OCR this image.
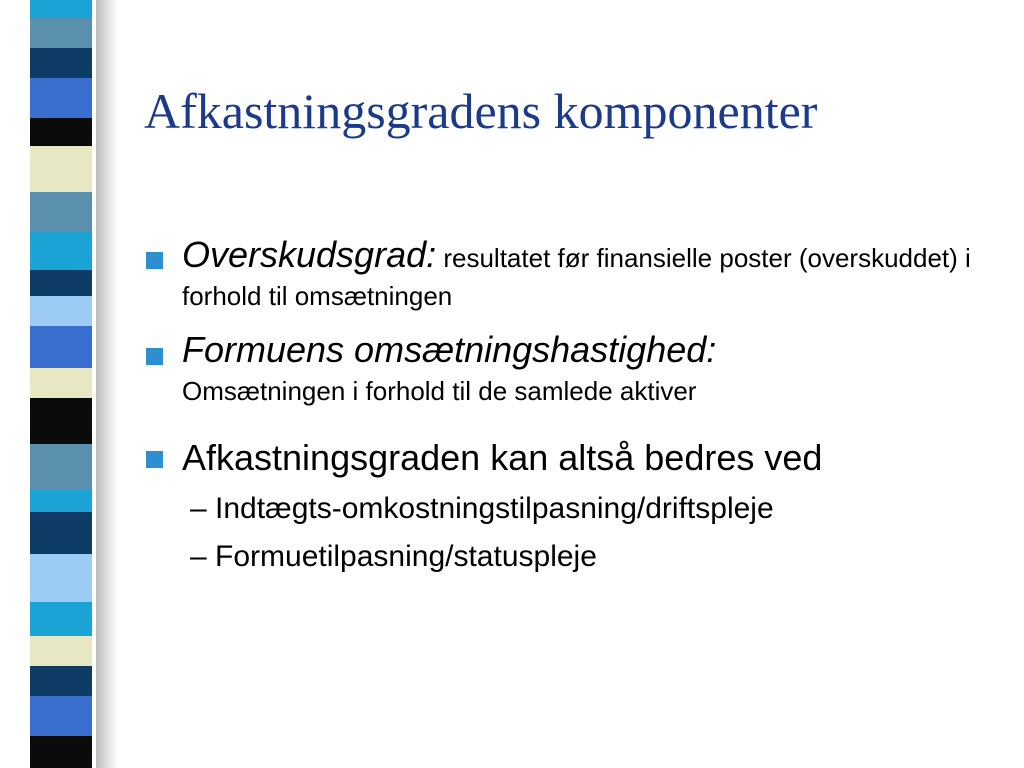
Afkastningsgradens komponenter
Overskudsgrad: resultatet før finansielle poster (overskuddet) i forhold til omsætningen
Formuens omsætningshastighed:
Omsætningen i forhold til de samlede aktiver
Afkastningsgraden kan altså bedres ved
– Indtægts-omkostningstilpasning/driftspleje
– Formuetilpasning/statuspleje
